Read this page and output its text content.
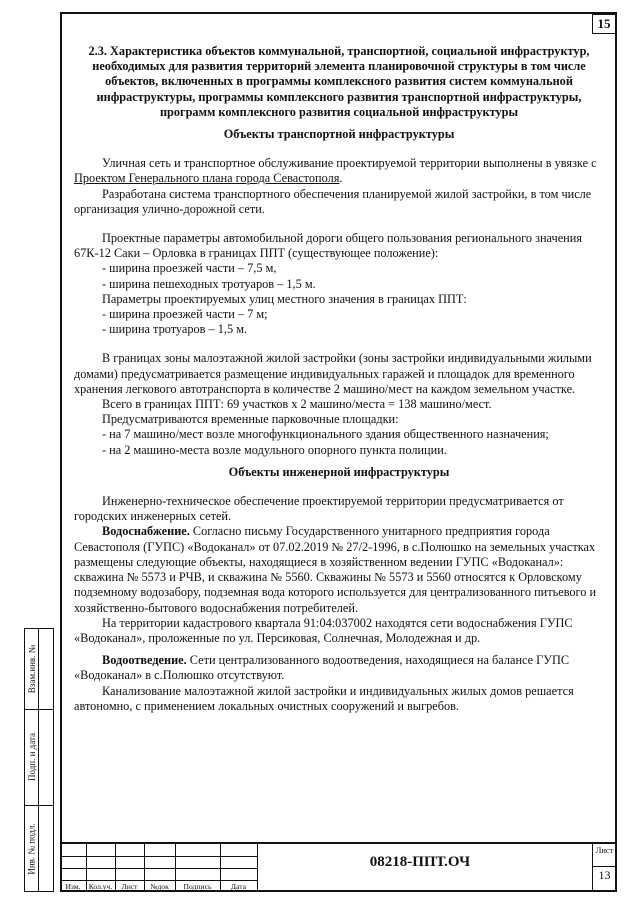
15
2.3. Характеристика объектов коммунальной, транспортной, социальной инфраструктур, необходимых для развития территорий элемента планировочной структуры в том числе объектов, включенных в программы комплексного развития систем коммунальной инфраструктуры, программы комплексного развития транспортной инфраструктуры, программ комплексного развития социальной инфраструктуры
Объекты транспортной инфраструктуры

Уличная сеть и транспортное обслуживание проектируемой территории выполнены в увязке с Проектом Генерального плана города Севастополя.

Разработана система транспортного обеспечения планируемой жилой застройки, в том числе организация улично-дорожной сети.

Проектные параметры автомобильной дороги общего пользования регионального значения 67К-12 Саки – Орловка в границах ППТ (существующее положение):

- ширина проезжей части – 7,5 м,

- ширина пешеходных тротуаров – 1,5 м.

Параметры проектируемых улиц местного значения в границах ППТ:

- ширина проезжей части – 7 м;

- ширина тротуаров – 1,5 м.

В границах зоны малоэтажной жилой застройки (зоны застройки индивидуальными жилыми домами) предусматривается размещение индивидуальных гаражей и площадок для временного хранения легкового автотранспорта в количестве 2 машино/мест на каждом земельном участке.

Всего в границах ППТ: 69 участков х 2 машино/места = 138 машино/мест.

Предусматриваются временные парковочные площадки:

- на 7 машино/мест возле многофункционального здания общественного назначения;

- на 2 машино-места возле модульного опорного пункта полиции.

Объекты инженерной инфраструктуры

Инженерно-техническое обеспечение проектируемой территории предусматривается от городских инженерных сетей.

Водоснабжение. Согласно письму Государственного унитарного предприятия города Севастополя (ГУПС) «Водоканал» от 07.02.2019 № 27/2-1996, в с.Полюшко на земельных участках размещены следующие объекты, находящиеся в хозяйственном ведении ГУПС «Водоканал»: скважина № 5573 и РЧВ, и скважина № 5560. Скважины № 5573 и 5560 относятся к Орловскому подземному водозабору, подземная вода которого используется для централизованного питьевого и хозяйственно-бытового водоснабжения потребителей.

На территории кадастрового квартала 91:04:037002 находятся сети водоснабжения ГУПС «Водоканал», проложенные по ул. Персиковая, Солнечная, Молодежная и др.

Водоотведение. Сети централизованного водоотведения, находящиеся на балансе ГУПС «Водоканал» в с.Полюшко отсутствуют.

Канализование малоэтажной жилой застройки и индивидуальных жилых домов решается автономно, с применением локальных очистных сооружений и выгребов.

Взам.инв. №
Подп. и дата
Инв. № подл.
Изм.	Кол.уч.	Лист	№док	Подпись	Дата
08218-ППТ.ОЧ
Лист
13
